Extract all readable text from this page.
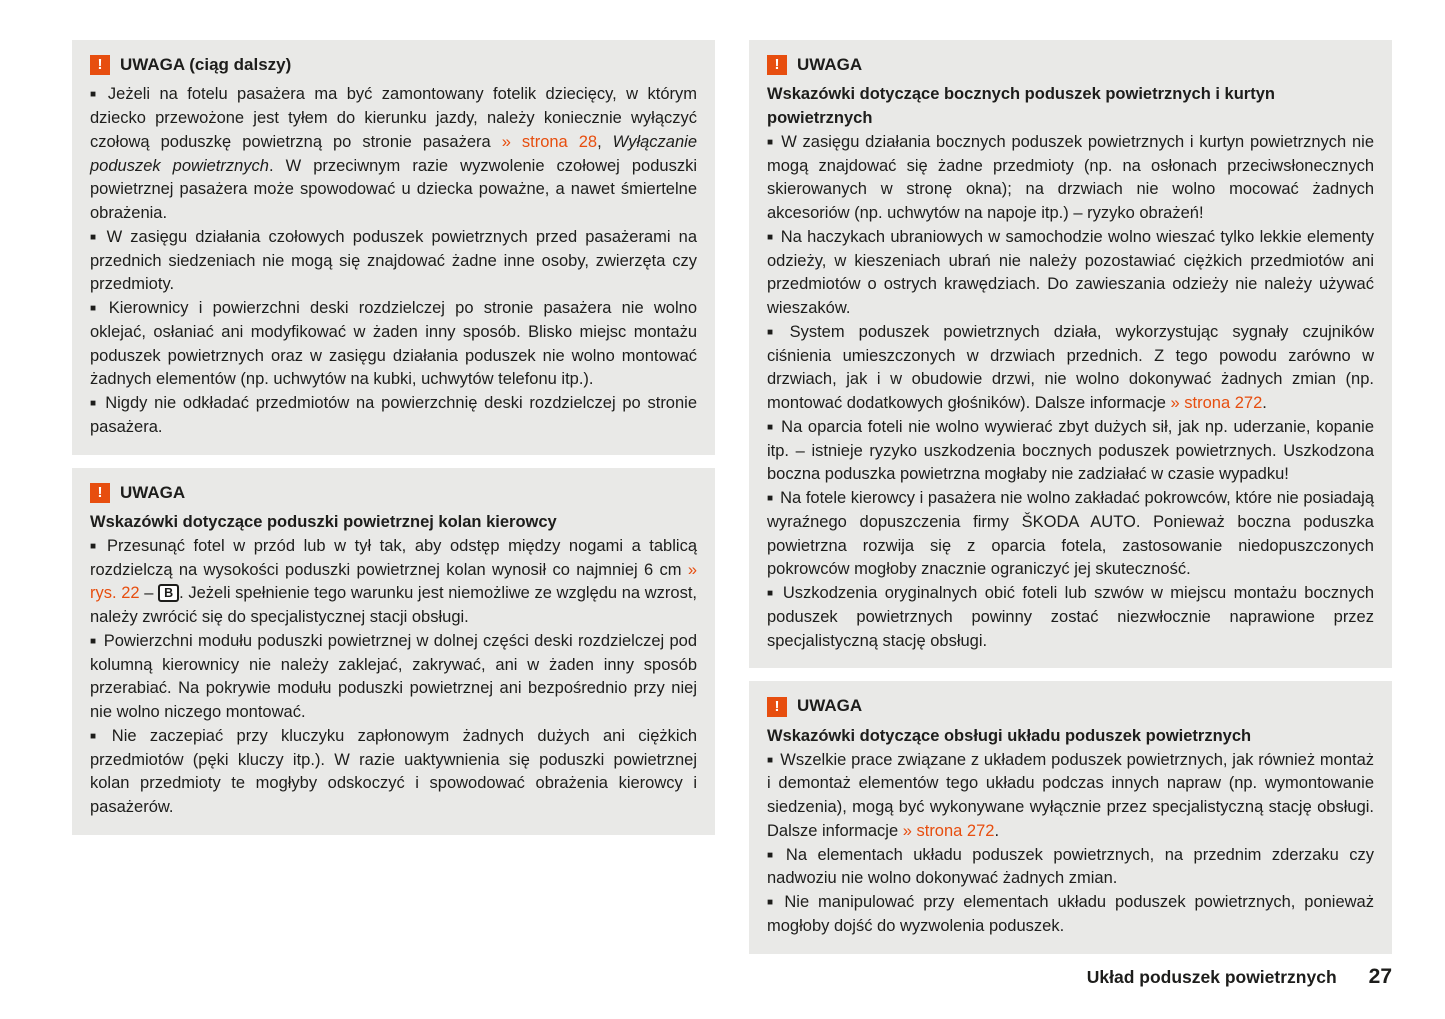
!	UWAGA (ciąg dalszy)

■ Jeżeli na fotelu pasażera ma być zamontowany fotelik dziecięcy, w którym dziecko przewożone jest tyłem do kierunku jazdy, należy koniecznie wyłączyć czołową poduszkę powietrzną po stronie pasażera » strona 28, Wyłączanie poduszek powietrznych. W przeciwnym razie wyzwolenie czołowej poduszki powietrznej pasażera może spowodować u dziecka poważne, a nawet śmiertelne obrażenia.

■ W zasięgu działania czołowych poduszek powietrznych przed pasażerami na przednich siedzeniach nie mogą się znajdować żadne inne osoby, zwierzęta czy przedmioty.

■ Kierownicy i powierzchni deski rozdzielczej po stronie pasażera nie wolno oklejać, osłaniać ani modyfikować w żaden inny sposób. Blisko miejsc montażu poduszek powietrznych oraz w zasięgu działania poduszek nie wolno montować żadnych elementów (np. uchwytów na kubki, uchwytów telefonu itp.).

■ Nigdy nie odkładać przedmiotów na powierzchnię deski rozdzielczej po stronie pasażera.

!	UWAGA

Wskazówki dotyczące poduszki powietrznej kolan kierowcy

■ Przesunąć fotel w przód lub w tył tak, aby odstęp między nogami a tablicą rozdzielczą na wysokości poduszki powietrznej kolan wynosił co najmniej 6 cm » rys. 22 – B . Jeżeli spełnienie tego warunku jest niemożliwe ze względu na wzrost, należy zwrócić się do specjalistycznej stacji obsługi.

■ Powierzchni modułu poduszki powietrznej w dolnej części deski rozdzielczej pod kolumną kierownicy nie należy zaklejać, zakrywać, ani w żaden inny sposób przerabiać. Na pokrywie modułu poduszki powietrznej ani bezpośrednio przy niej nie wolno niczego montować.

■ Nie zaczepiać przy kluczyku zapłonowym żadnych dużych ani ciężkich przedmiotów (pęki kluczy itp.). W razie uaktywnienia się poduszki powietrznej kolan przedmioty te mogłyby odskoczyć i spowodować obrażenia kierowcy i pasażerów.

!	UWAGA

Wskazówki dotyczące bocznych poduszek powietrznych i kurtyn powietrznych

■ W zasięgu działania bocznych poduszek powietrznych i kurtyn powietrznych nie mogą znajdować się żadne przedmioty (np. na osłonach przeciwsłonecznych skierowanych w stronę okna); na drzwiach nie wolno mocować żadnych akcesoriów (np. uchwytów na napoje itp.) – ryzyko obrażeń!

■ Na haczykach ubraniowych w samochodzie wolno wieszać tylko lekkie elementy odzieży, w kieszeniach ubrań nie należy pozostawiać ciężkich przedmiotów ani przedmiotów o ostrych krawędziach. Do zawieszania odzieży nie należy używać wieszaków.

■ System poduszek powietrznych działa, wykorzystując sygnały czujników ciśnienia umieszczonych w drzwiach przednich. Z tego powodu zarówno w drzwiach, jak i w obudowie drzwi, nie wolno dokonywać żadnych zmian (np. montować dodatkowych głośników). Dalsze informacje » strona 272.

■ Na oparcia foteli nie wolno wywierać zbyt dużych sił, jak np. uderzanie, kopanie itp. – istnieje ryzyko uszkodzenia bocznych poduszek powietrznych. Uszkodzona boczna poduszka powietrzna mogłaby nie zadziałać w czasie wypadku!

■ Na fotele kierowcy i pasażera nie wolno zakładać pokrowców, które nie posiadają wyraźnego dopuszczenia firmy ŠKODA AUTO. Ponieważ boczna poduszka powietrzna rozwija się z oparcia fotela, zastosowanie niedopuszczonych pokrowców mogłoby znacznie ograniczyć jej skuteczność.

■ Uszkodzenia oryginalnych obić foteli lub szwów w miejscu montażu bocznych poduszek powietrznych powinny zostać niezwłocznie naprawione przez specjalistyczną stację obsługi.

!	UWAGA

Wskazówki dotyczące obsługi układu poduszek powietrznych

■ Wszelkie prace związane z układem poduszek powietrznych, jak również montaż i demontaż elementów tego układu podczas innych napraw (np. wymontowanie siedzenia), mogą być wykonywane wyłącznie przez specjalistyczną stację obsługi. Dalsze informacje » strona 272.

■ Na elementach układu poduszek powietrznych, na przednim zderzaku czy nadwoziu nie wolno dokonywać żadnych zmian.

■ Nie manipulować przy elementach układu poduszek powietrznych, ponieważ mogłoby dojść do wyzwolenia poduszek.

Układ poduszek powietrznych 27
